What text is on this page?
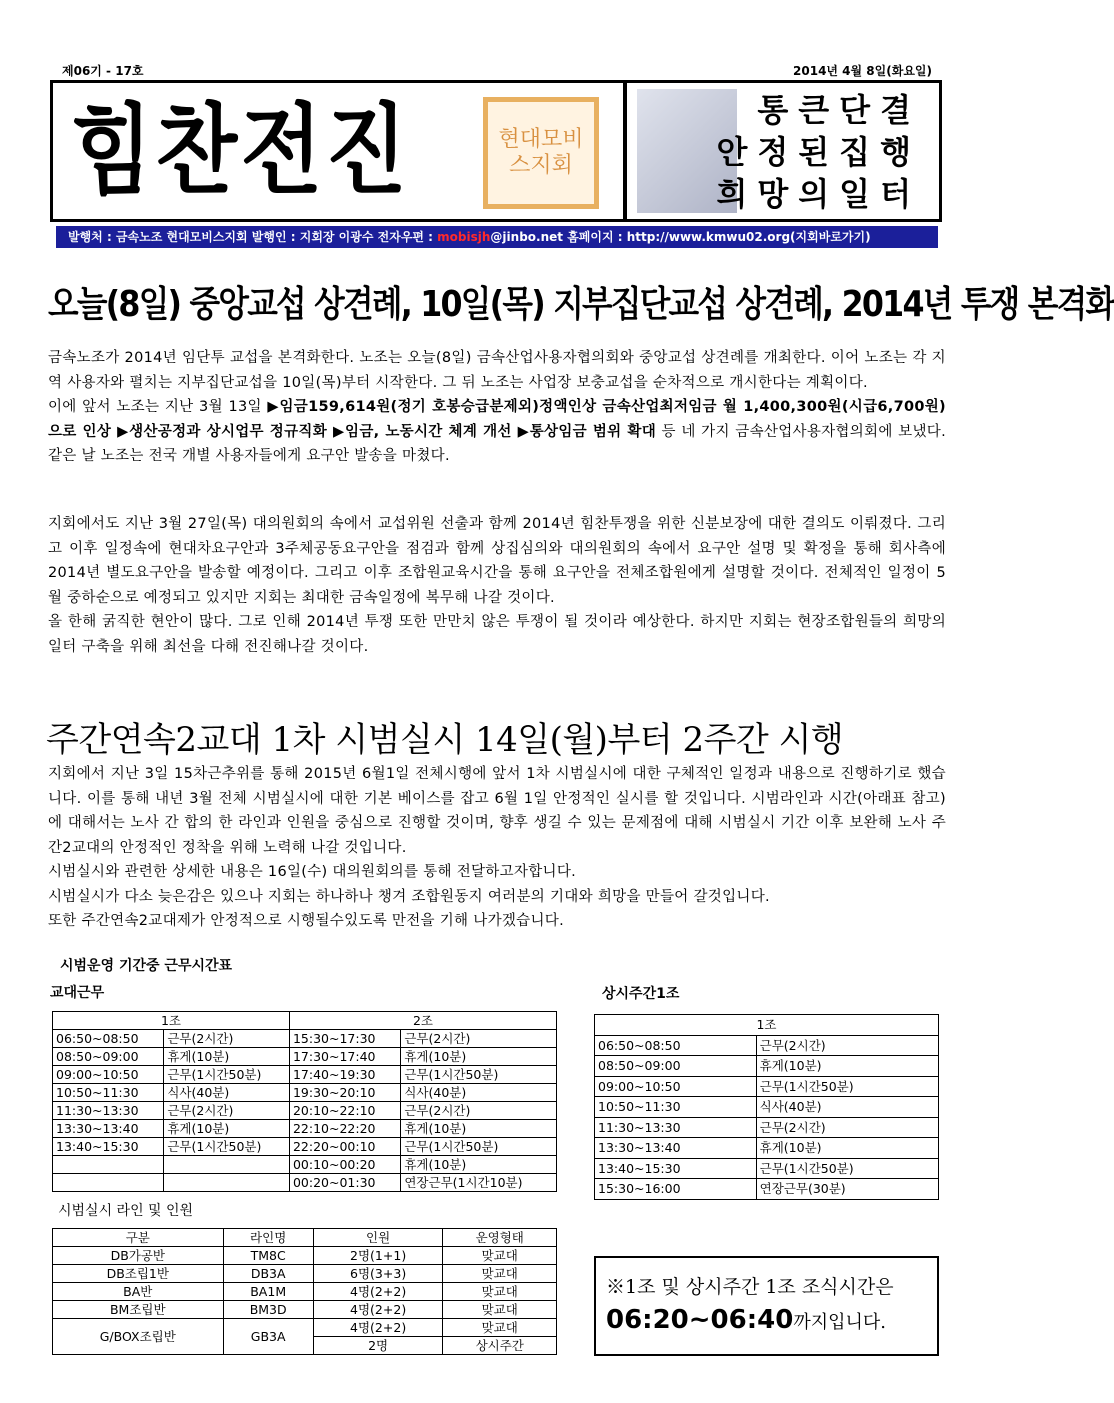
제06기 - 17호	2014년 4월 8일(화요일)
힘찬전진	현대모비스지회
통큰단결
안정된집행
희망의일터
발행처 : 금속노조 현대모비스지회 발행인 : 지회장 이광수 전자우편 : mobisjh@jinbo.net 홈페이지 : http://www.kmwu02.org(지회바로가기)
오늘(8일) 중앙교섭 상견례, 10일(목) 지부집단교섭 상견례, 2014년 투쟁 본격화
금속노조가 2014년 임단투 교섭을 본격화한다. 노조는 오늘(8일) 금속산업사용자협의회와 중앙교섭 상견례를 개최한다. 이어 노조는 각 지역 사용자와 펼치는 지부집단교섭을 10일(목)부터 시작한다. 그 뒤 노조는 사업장 보충교섭을 순차적으로 개시한다는 계획이다.
이에 앞서 노조는 지난 3월 13일 ▶임금159,614원(정기 호봉승급분제외)정액인상 금속산업최저임금 월 1,400,300원(시급6,700원)으로 인상 ▶생산공정과 상시업무 정규직화 ▶임금, 노동시간 체계 개선 ▶통상임금 범위 확대 등 네 가지 금속산업사용자협의회에 보냈다. 같은 날 노조는 전국 개별 사용자들에게 요구안 발송을 마쳤다.
지회에서도 지난 3월 27일(목) 대의원회의 속에서 교섭위원 선출과 함께 2014년 힘찬투쟁을 위한 신분보장에 대한 결의도 이뤄졌다. 그리고 이후 일정속에 현대차요구안과 3주체공동요구안을 점검과 함께 상집심의와 대의원회의 속에서 요구안 설명 및 확정을 통해 회사측에 2014년 별도요구안을 발송할 예정이다. 그리고 이후 조합원교육시간을 통해 요구안을 전체조합원에게 설명할 것이다. 전체적인 일정이 5월 중하순으로 예정되고 있지만 지회는 최대한 금속일정에 복무해 나갈 것이다.
올 한해 굵직한 현안이 많다. 그로 인해 2014년 투쟁 또한 만만치 않은 투쟁이 될 것이라 예상한다. 하지만 지회는 현장조합원들의 희망의 일터 구축을 위해 최선을 다해 전진해나갈 것이다.
주간연속2교대 1차 시범실시 14일(월)부터 2주간 시행
지회에서 지난 3일 15차근추위를 통해 2015년 6월1일 전체시행에 앞서 1차 시범실시에 대한 구체적인 일정과 내용으로 진행하기로 했습니다. 이를 통해 내년 3월 전체 시범실시에 대한 기본 베이스를 잡고 6월 1일 안정적인 실시를 할 것입니다. 시범라인과 시간(아래표 참고)에 대해서는 노사 간 합의 한 라인과 인원을 중심으로 진행할 것이며, 향후 생길 수 있는 문제점에 대해 시범실시 기간 이후 보완해 노사 주간2교대의 안정적인 정착을 위해 노력해 나갈 것입니다.
시범실시와 관련한 상세한 내용은 16일(수) 대의원회의를 통해 전달하고자합니다.
시범실시가 다소 늦은감은 있으나 지회는 하나하나 챙겨 조합원동지 여러분의 기대와 희망을 만들어 갈것입니다.
또한 주간연속2교대제가 안정적으로 시행될수있도록 만전을 기해 나가겠습니다.
시범운영 기간중 근무시간표
교대근무	상시주간1조
1조		2조	
06:50~08:50	근무(2시간)	15:30~17:30	근무(2시간)
08:50~09:00	휴게(10분)	17:30~17:40	휴게(10분)
09:00~10:50	근무(1시간50분)	17:40~19:30	근무(1시간50분)
10:50~11:30	식사(40분)	19:30~20:10	식사(40분)
11:30~13:30	근무(2시간)	20:10~22:10	근무(2시간)
13:30~13:40	휴게(10분)	22:10~22:20	휴게(10분)
13:40~15:30	근무(1시간50분)	22:20~00:10	근무(1시간50분)
		00:10~00:20	휴게(10분)
		00:20~01:30	연장근무(1시간10분)
1조	
06:50~08:50	근무(2시간)
08:50~09:00	휴게(10분)
09:00~10:50	근무(1시간50분)
10:50~11:30	식사(40분)
11:30~13:30	근무(2시간)
13:30~13:40	휴게(10분)
13:40~15:30	근무(1시간50분)
15:30~16:00	연장근무(30분)
시범실시 라인 및 인원
구분	라인명	인원	운영형태
DB가공반	TM8C	2명(1+1)	맞교대
DB조립1반	DB3A	6명(3+3)	맞교대
BA반	BA1M	4명(2+2)	맞교대
BM조립반	BM3D	4명(2+2)	맞교대
G/BOX조립반	GB3A	4명(2+2)	맞교대
		2명	상시주간
※1조 및 상시주간 1조 조식시간은
06:20~06:40까지입니다.
